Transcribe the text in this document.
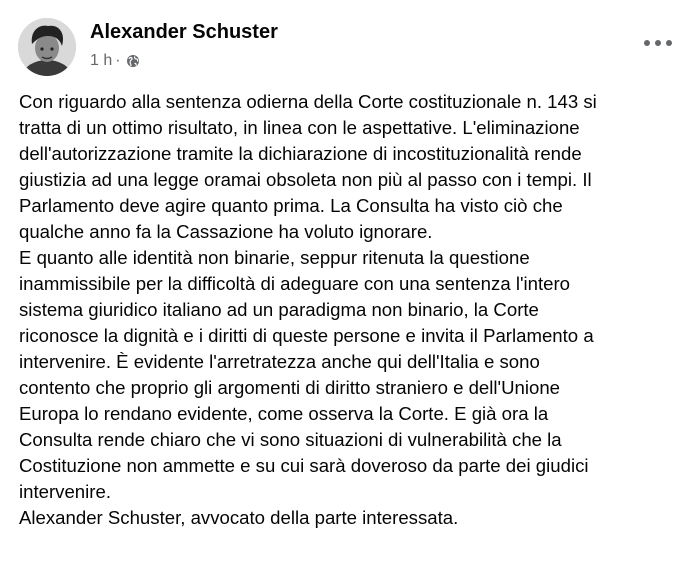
Alexander Schuster
1 h ·
Con riguardo alla sentenza odierna della Corte costituzionale n. 143 si
tratta di un ottimo risultato, in linea con le aspettative. L'eliminazione
dell'autorizzazione tramite la dichiarazione di incostituzionalità rende
giustizia ad una legge oramai obsoleta non più al passo con i tempi. Il
Parlamento deve agire quanto prima. La Consulta ha visto ciò che
qualche anno fa la Cassazione ha voluto ignorare.
E quanto alle identità non binarie, seppur ritenuta la questione
inammissibile per la difficoltà di adeguare con una sentenza l'intero
sistema giuridico italiano ad un paradigma non binario, la Corte
riconosce la dignità e i diritti di queste persone e invita il Parlamento a
intervenire. È evidente l'arretratezza anche qui dell'Italia e sono
contento che proprio gli argomenti di diritto straniero e dell'Unione
Europa lo rendano evidente, come osserva la Corte. E già ora la
Consulta rende chiaro che vi sono situazioni di vulnerabilità che la
Costituzione non ammette e su cui sarà doveroso da parte dei giudici
intervenire.
Alexander Schuster, avvocato della parte interessata.
